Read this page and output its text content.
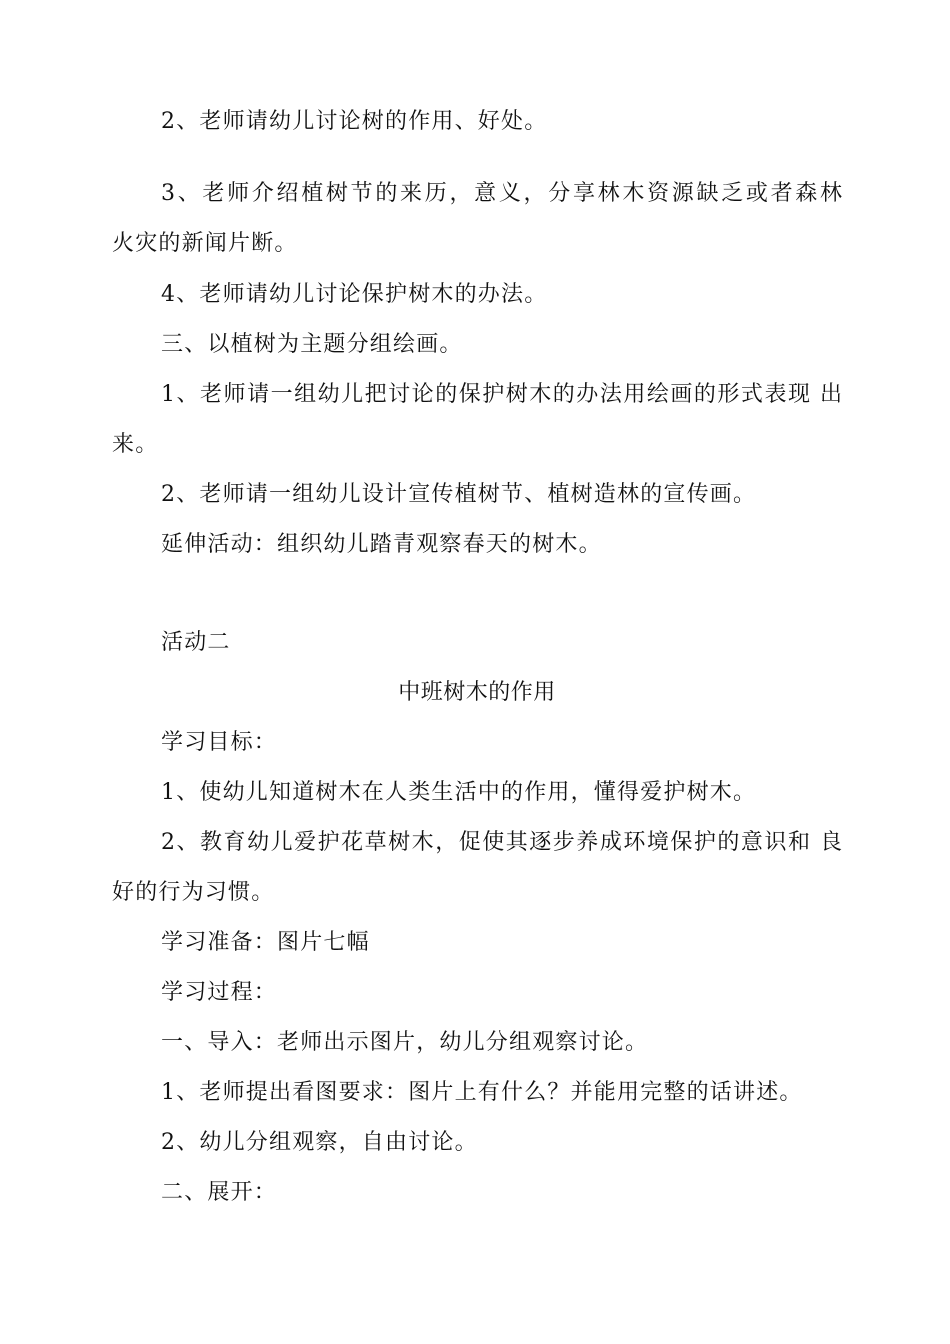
2、老师请幼儿讨论树的作用、好处。
3、老师介绍植树节的来历，意义，分享林木资源缺乏或者森林
火灾的新闻片断。
4、老师请幼儿讨论保护树木的办法。
三、以植树为主题分组绘画。
1、老师请一组幼儿把讨论的保护树木的办法用绘画的形式表现 出
来。
2、老师请一组幼儿设计宣传植树节、植树造林的宣传画。
延伸活动：组织幼儿踏青观察春天的树木。
活动二
中班树木的作用
学习目标：
1、使幼儿知道树木在人类生活中的作用，懂得爱护树木。
2、教育幼儿爱护花草树木，促使其逐步养成环境保护的意识和 良
好的行为习惯。
学习准备：图片七幅
学习过程：
一、导入：老师出示图片，幼儿分组观察讨论。
1、老师提出看图要求：图片上有什么？并能用完整的话讲述。
2、幼儿分组观察，自由讨论。
二、展开：
